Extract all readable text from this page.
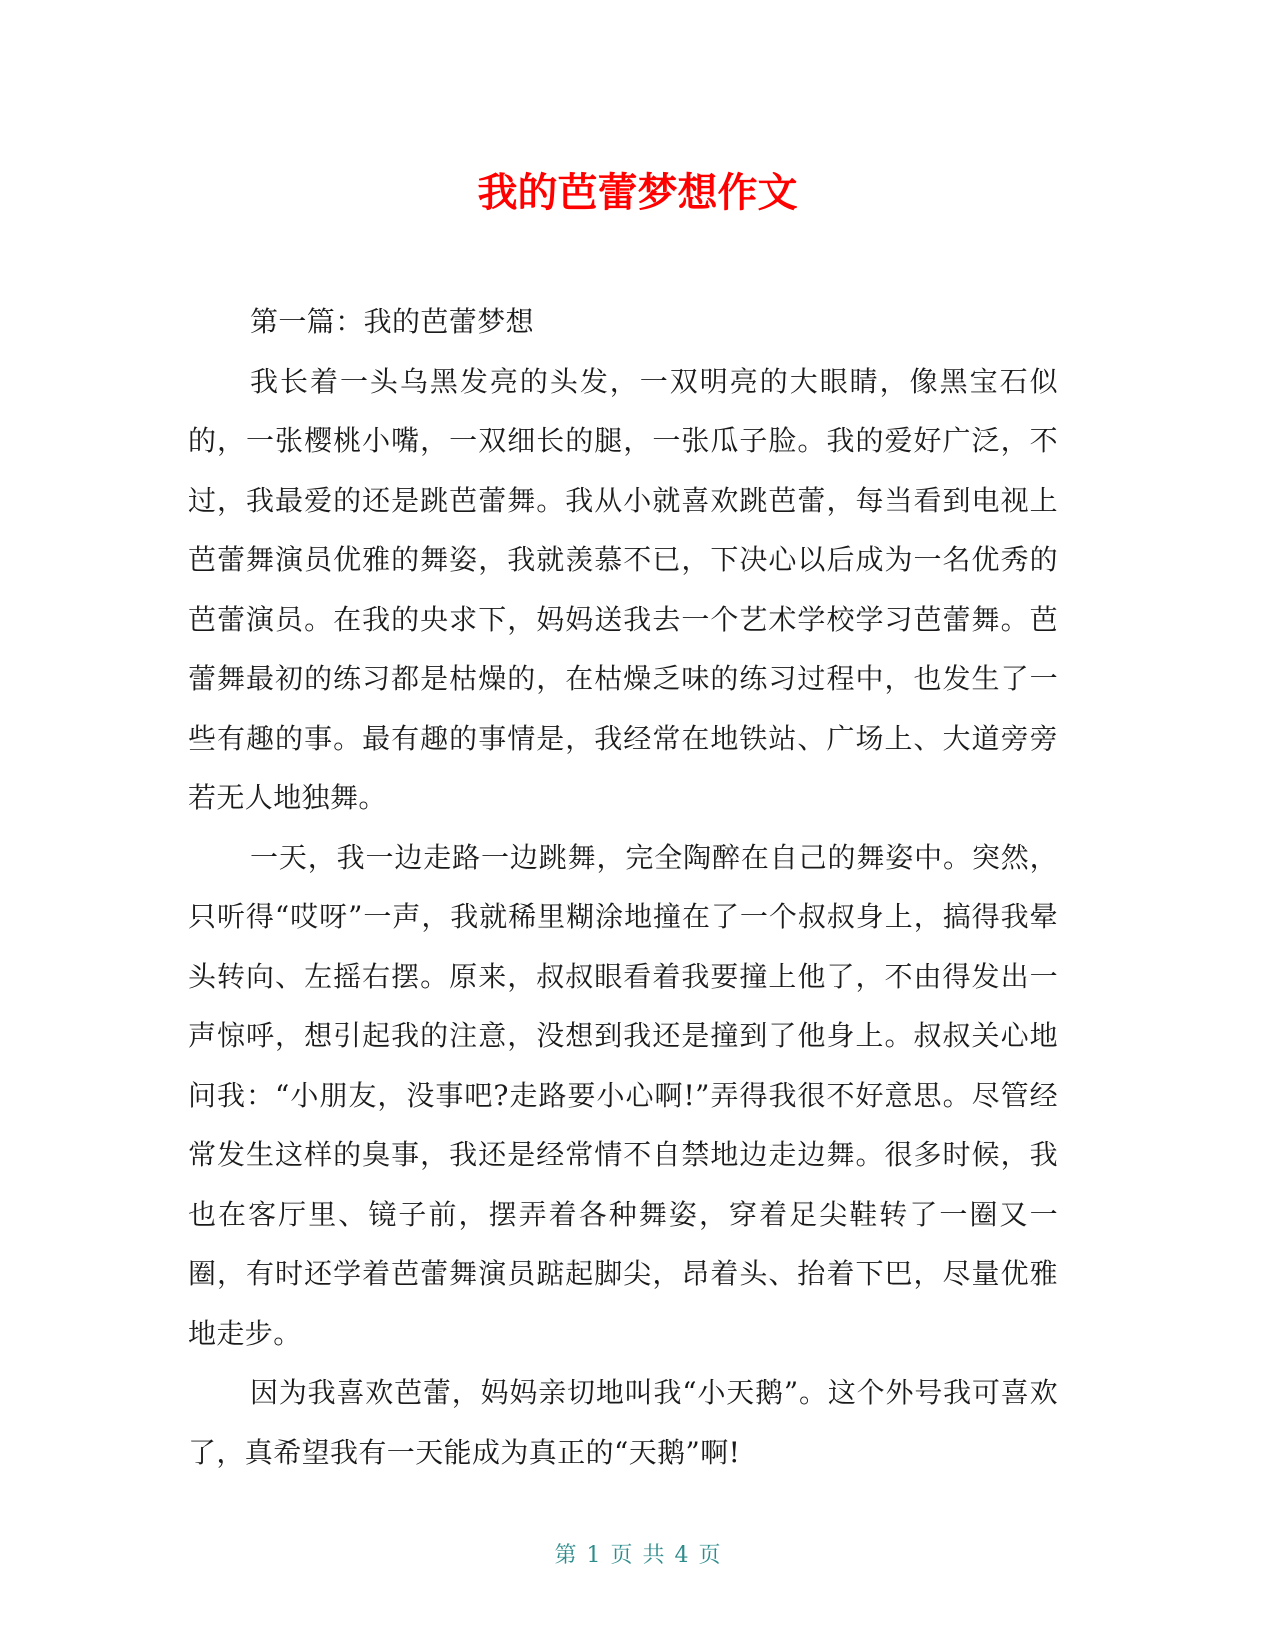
我的芭蕾梦想作文

第一篇：我的芭蕾梦想

我长着一头乌黑发亮的头发，一双明亮的大眼睛，像黑宝石似的，一张樱桃小嘴，一双细长的腿，一张瓜子脸。我的爱好广泛，不过，我最爱的还是跳芭蕾舞。我从小就喜欢跳芭蕾，每当看到电视上芭蕾舞演员优雅的舞姿，我就羡慕不已，下决心以后成为一名优秀的芭蕾演员。在我的央求下，妈妈送我去一个艺术学校学习芭蕾舞。芭蕾舞最初的练习都是枯燥的，在枯燥乏味的练习过程中，也发生了一些有趣的事。最有趣的事情是，我经常在地铁站、广场上、大道旁旁若无人地独舞。

一天，我一边走路一边跳舞，完全陶醉在自己的舞姿中。突然，只听得“哎呀”一声，我就稀里糊涂地撞在了一个叔叔身上，搞得我晕头转向、左摇右摆。原来，叔叔眼看着我要撞上他了，不由得发出一声惊呼，想引起我的注意，没想到我还是撞到了他身上。叔叔关心地问我：“小朋友，没事吧?走路要小心啊!”弄得我很不好意思。尽管经常发生这样的臭事，我还是经常情不自禁地边走边舞。很多时候，我也在客厅里、镜子前，摆弄着各种舞姿，穿着足尖鞋转了一圈又一圈，有时还学着芭蕾舞演员踮起脚尖，昂着头、抬着下巴，尽量优雅地走步。

因为我喜欢芭蕾，妈妈亲切地叫我“小天鹅”。这个外号我可喜欢了，真希望我有一天能成为真正的“天鹅”啊!

第 1 页 共 4 页
